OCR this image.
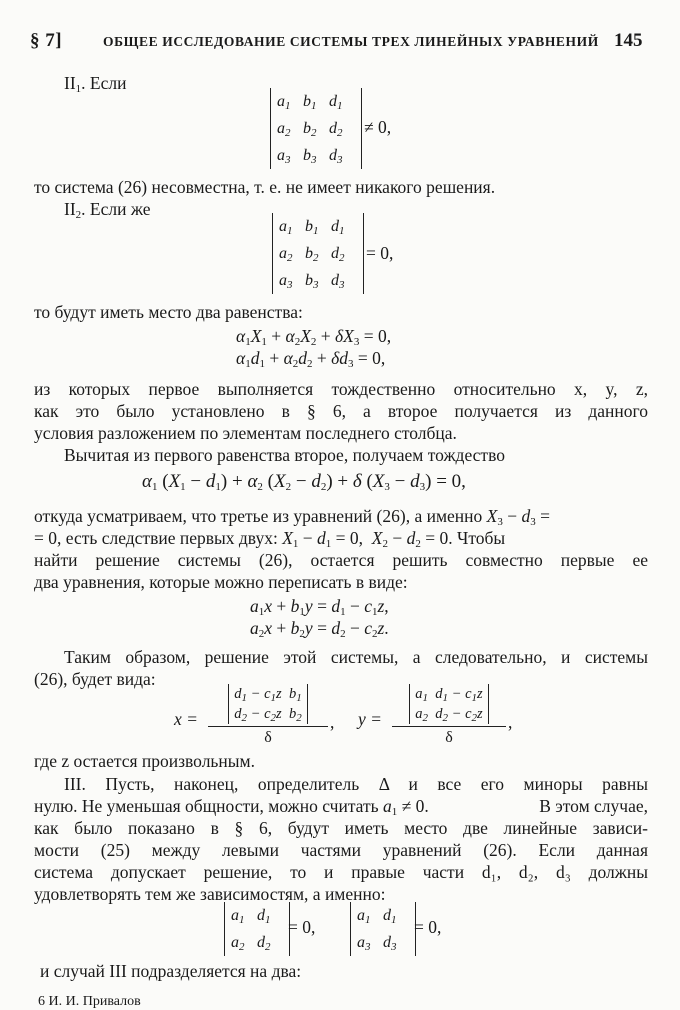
§ 7]	ОБЩЕЕ ИССЛЕДОВАНИЕ СИСТЕМЫ ТРЕХ ЛИНЕЙНЫХ УРАВНЕНИЙ 145
$II_1$. Если
$a_1$ $b_1$ $d_1$
$a_2$ $b_2$ $d_2$
$a_3$ $b_3$ $d_3$
≠ 0,
то система (26) несовместна, т. е. не имеет никакого решения.
$II_2$. Если же
$a_1$ $b_1$ $d_1$
$a_2$ $b_2$ $d_2$
$a_3$ $b_3$ $d_3$
= 0,
то будут иметь место два равенства:
$\alpha_1X_1 + \alpha_2X_2 + \delta X_3 = 0$,
$\alpha_1d_1 + \alpha_2d_2 + \delta d_3 = 0$,
из которых первое выполняется тождественно относительно x, y, z,
как это было установлено в § 6, а второе получается из данного
условия разложением по элементам последнего столбца.
Вычитая из первого равенства второе, получаем тождество
$\alpha_1$ $(X_1 - d_1) + \alpha_2$ $(X_2 - d_2) + \delta$ $(X_3 - d_3) = 0$,
откуда усматриваем, что третье из уравнений (26), а именно $X_3 - d_3$ =
= 0, есть следствие первых двух: $X_1 - d_1 = 0$,  $X_2 - d_2 = 0$. Чтобы
найти решение системы (26), остается решить совместно первые ее
два уравнения, которые можно переписать в виде:
$a_1x + b_1y = d_1 - c_1z$,
$a_2x + b_2y = d_2 - c_2z$.
Таким образом, решение этой системы, а следовательно, и системы
(26), будет вида:
x =
$d_1 - c_1z$ $b_1$
$d_2 - c_2z$ $b_2$
δ
, y =
$a_1$ $d_1 - c_1z$
$a_2$ $d_2 - c_2z$
δ
,
где z остается произвольным.
III. Пусть, наконец, определитель Δ и все его миноры равны
нулю. Не уменьшая общности, можно считать $a_1 \ne 0$.	В этом случае,
как было показано в § 6, будут иметь место две линейные зависи-
мости (25) между левыми частями уравнений (26). Если данная
система допускает решение, то и правые части d₁, d₂, d₃ должны
удовлетворять тем же зависимостям, а именно:
$a_1$ $d_1$
$a_2$ $d_2$
= 0,
$a_1$ $d_1$
$a_3$ $d_3$
= 0,
и случай III подразделяется на два:
6 И. И. Привалов
